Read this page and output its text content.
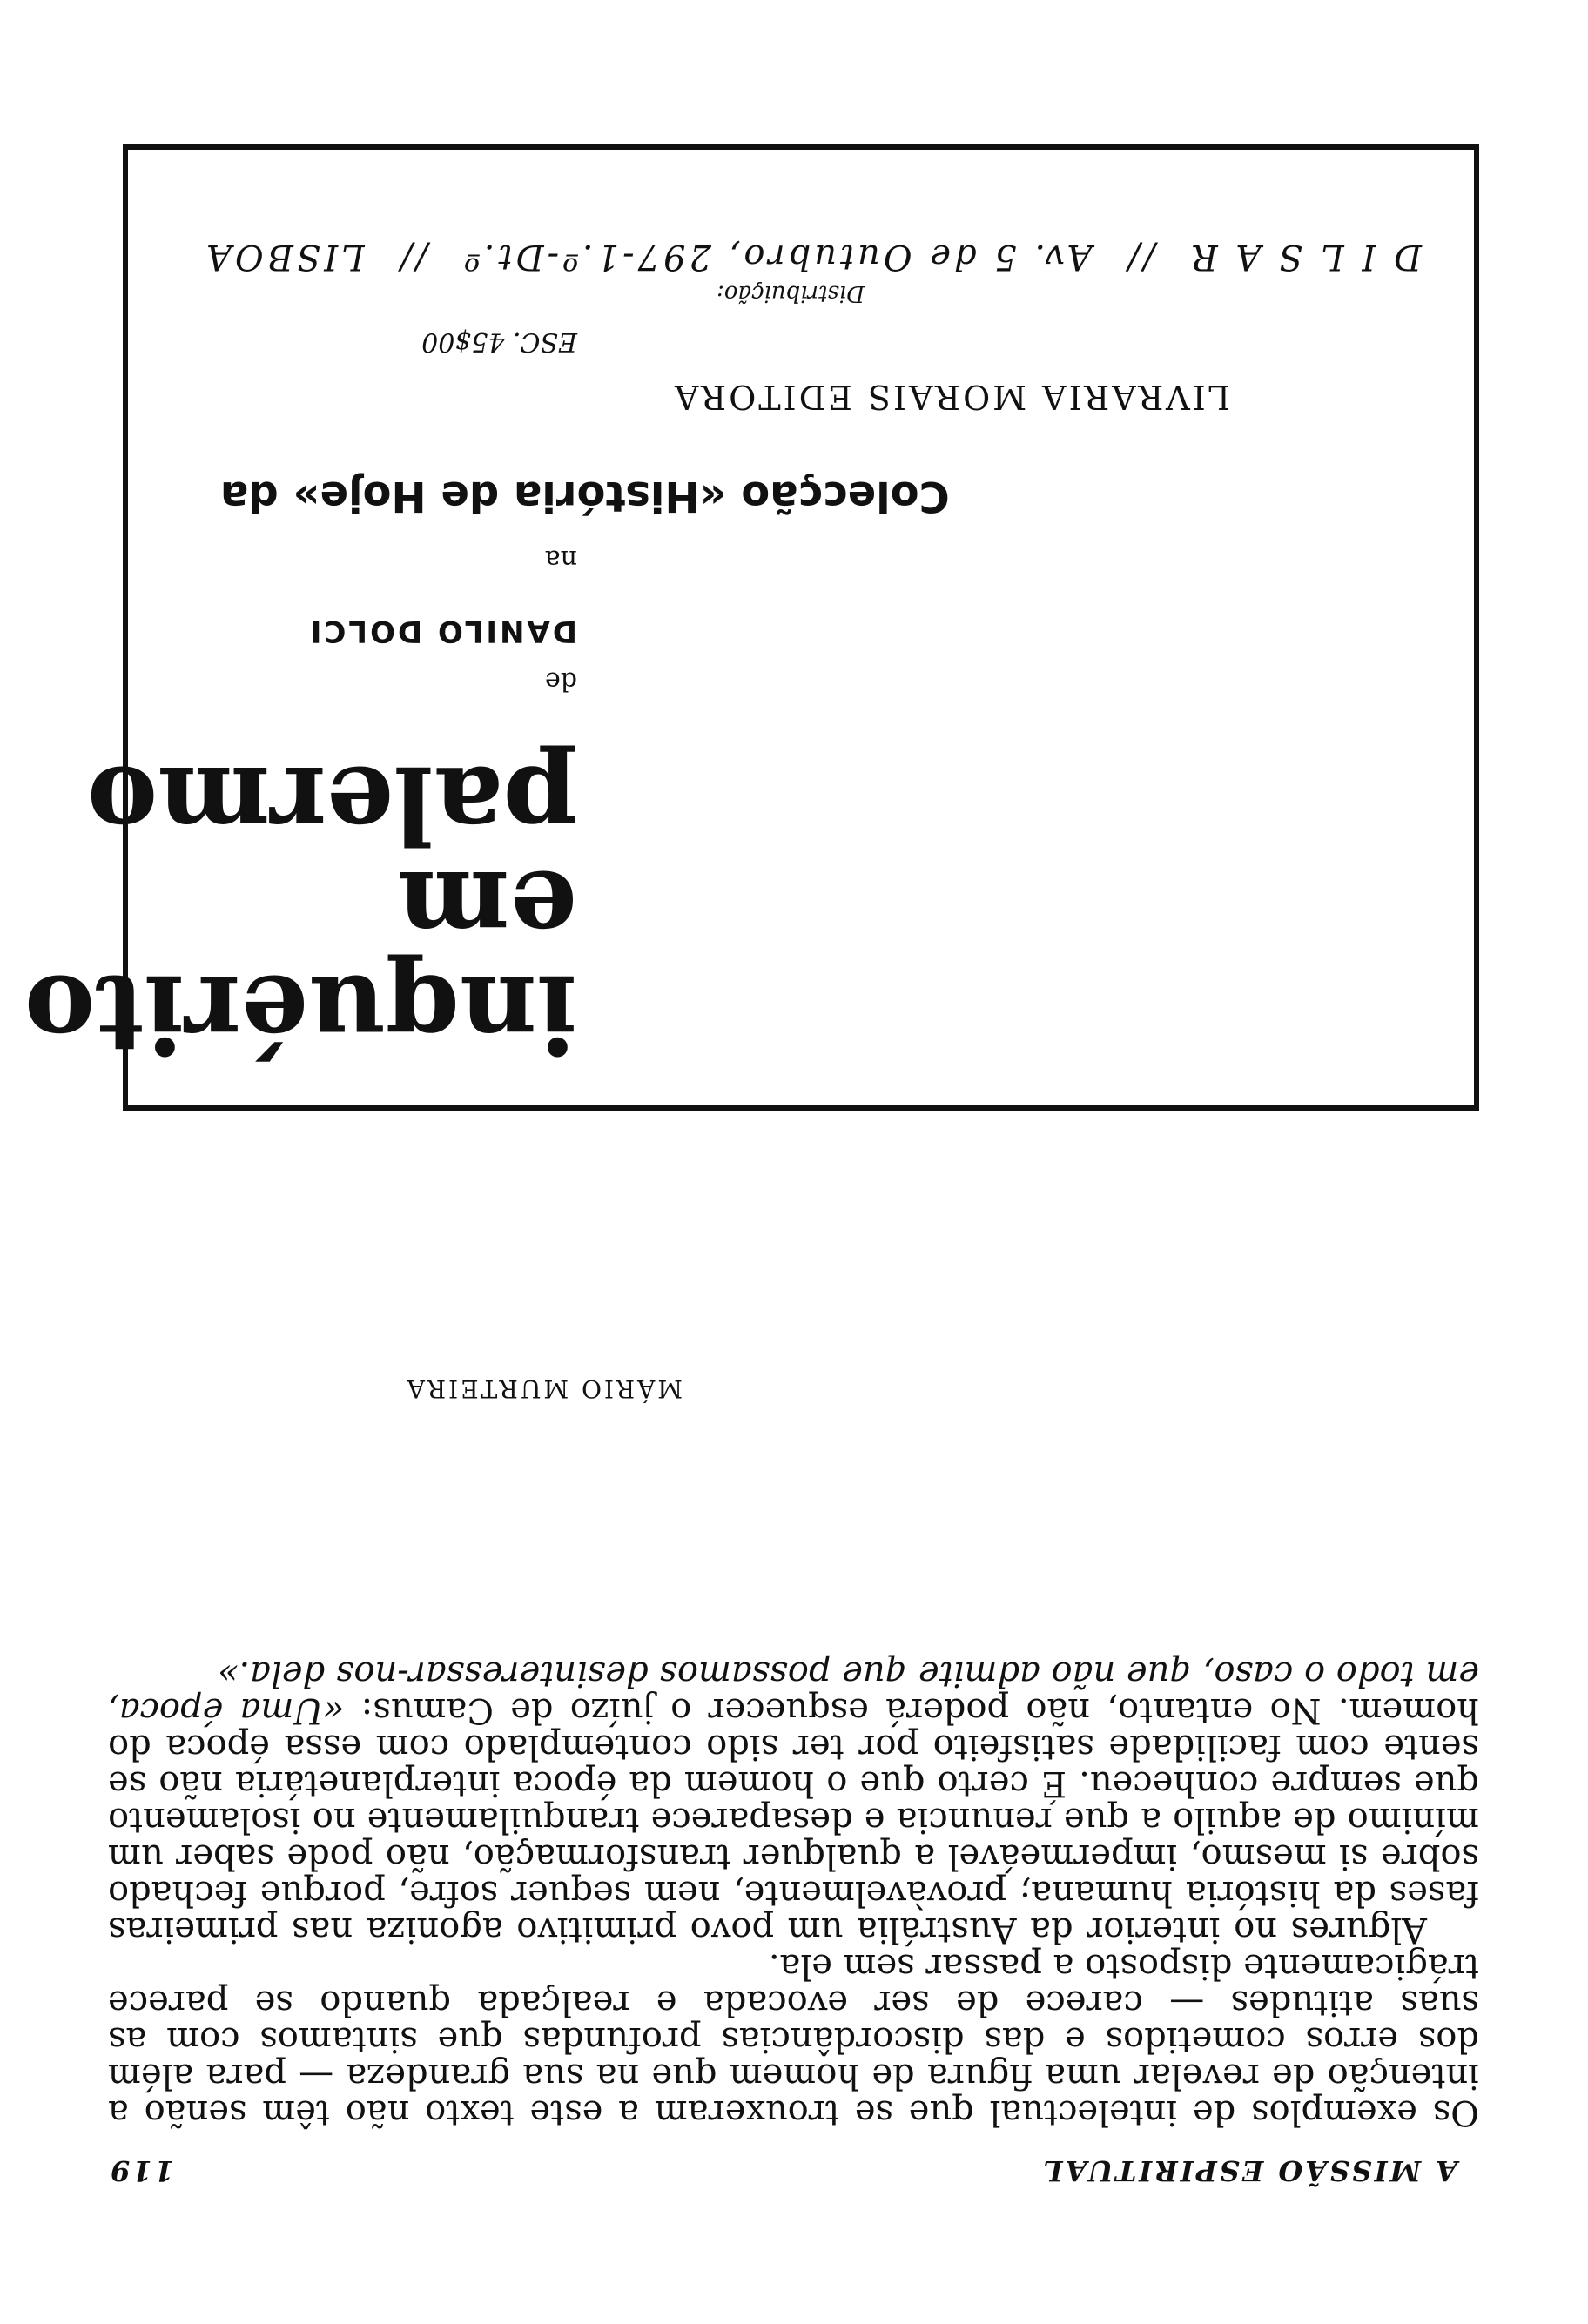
A MISSÃO ESPIRITUAL
119

Os exemplos de intelectual que se trouxeram a este texto não têm senão a intenção de revelar uma figura de homem que na sua grandeza — para além dos erros cometidos e das discordâncias profundas que sintamos com as suas atitudes — carece de ser evocada e realçada quando se parece trágicamente disposto a passar sem ela.

Algures no interior da Austrália um povo primitivo agoniza nas primeiras fases da história humana; provàvelmente, nem sequer sofre, porque fechado sobre si mesmo, impermeável a qualquer transformação, não pode saber um mínimo de aquilo a que renuncia e desaparece tranquilamente no isolamento que sempre conheceu. É certo que o homem da época interplanetária não se sente com facilidade satisfeito por ter sido contemplado com essa época do homem. No entanto, não poderá esquecer o juízo de Camus: «Uma época, em todo o caso, que não admite que possamos desinteressar-nos dela.»

MÁRIO MURTEIRA
inquérito
em
palermo
de
DANILO DOLCI
na
Colecção «História de Hoje» da
LIVRARIA MORAIS EDITORA
ESC. 45$00
Distribuição:
D I L S A R
//
Av. 5 de Outubro, 297-1.º-Dt.º
//
LISBOA
